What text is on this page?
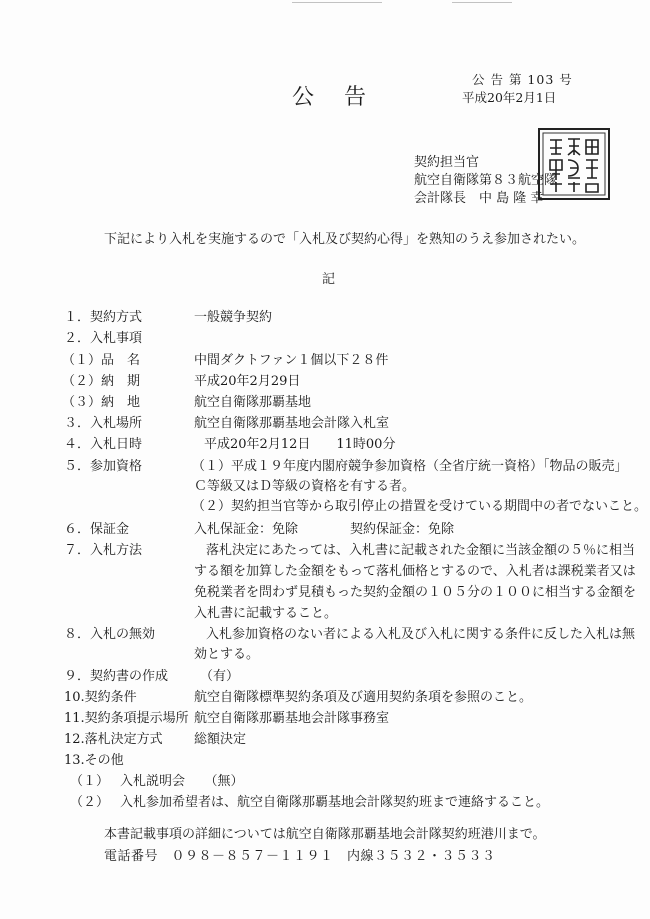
公告
公 告 第 103 号
平成20年2月1日
契約担当官
航空自衛隊第８３航空隊
会計隊長　中 島 隆 幸
下記により入札を実施するので「入札及び契約心得」を熟知のうえ参加されたい。
記
１．契約方式	一般競争契約
２．入札事項
（１）品　名	中間ダクトファン１個以下２８件
（２）納　期	平成20年2月29日
（３）納　地	航空自衛隊那覇基地
３．入札場所	航空自衛隊那覇基地会計隊入札室
４．入札日時	平成20年2月12日　　11時00分
５．参加資格	（１）平成１９年度内閣府競争参加資格（全省庁統一資格）「物品の販売」
Ｃ等級又はＤ等級の資格を有する者。
（２）契約担当官等から取引停止の措置を受けている期間中の者でないこと。
６．保証金	入札保証金：免除　　　　契約保証金：免除
７．入札方法	落札決定にあたっては、入札書に記載された金額に当該金額の５％に相当
する額を加算した金額をもって落札価格とするので、入札者は課税業者又は
免税業者を問わず見積もった契約金額の１０５分の１００に相当する金額を
入札書に記載すること。
８．入札の無効	入札参加資格のない者による入札及び入札に関する条件に反した入札は無
効とする。
９．契約書の作成 （有）
10.契約条件	航空自衛隊標準契約条項及び適用契約条項を参照のこと。
11.契約条項提示場所 航空自衛隊那覇基地会計隊事務室
12.落札決定方式 総額決定
13.その他
（１） 入札説明会　　（無）
（２） 入札参加希望者は、航空自衛隊那覇基地会計隊契約班まで連絡すること。
本書記載事項の詳細については航空自衛隊那覇基地会計隊契約班港川まで。
電話番号　０９８－８５７－１１９１　内線３５３２・３５３３
